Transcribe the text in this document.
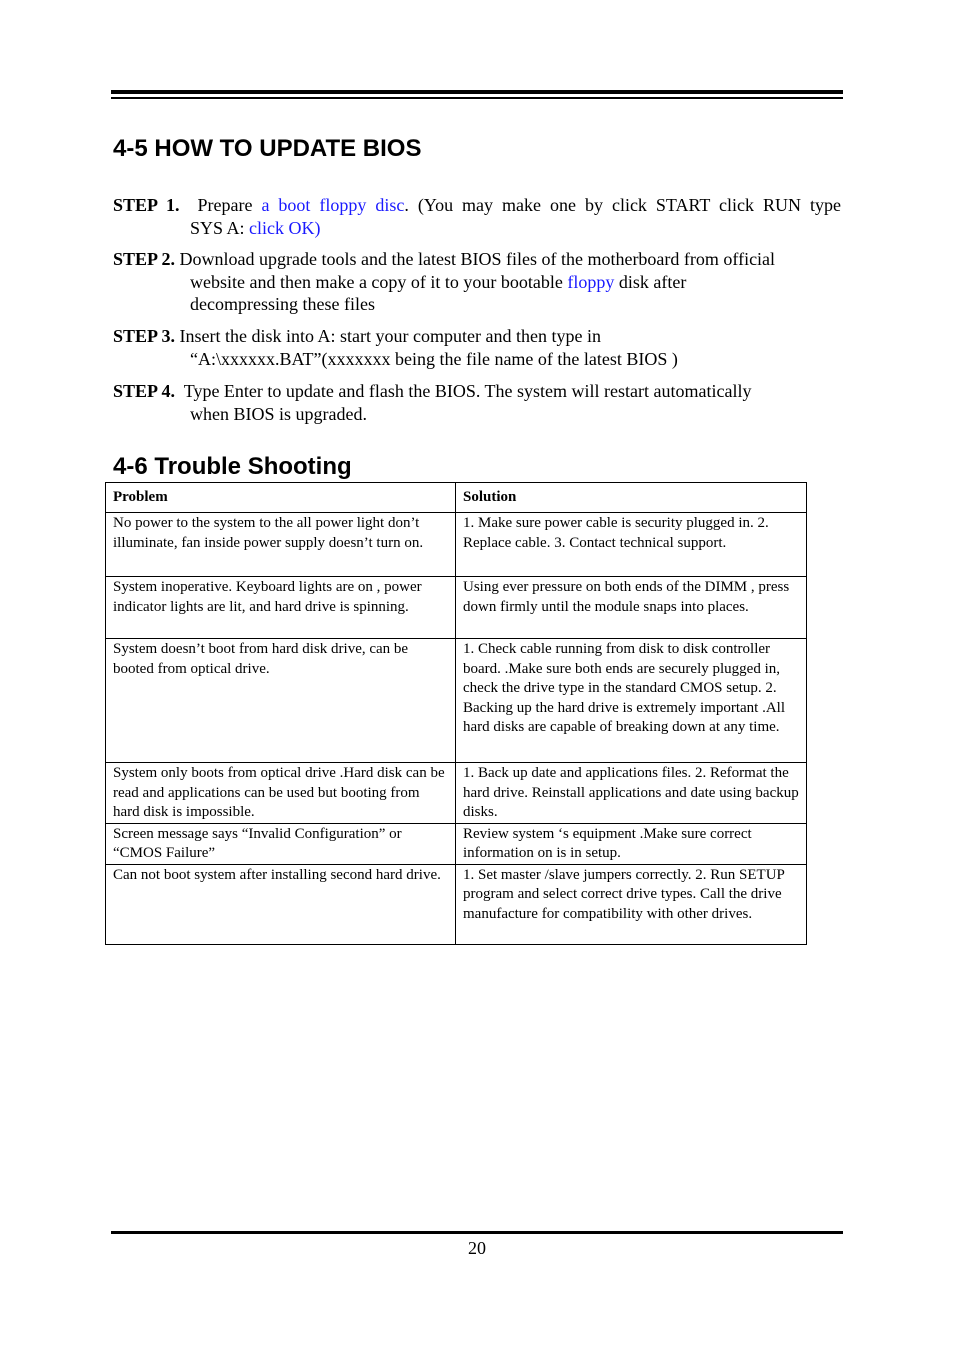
4-5 HOW TO UPDATE BIOS
STEP 1. Prepare a boot floppy disc. (You may make one by click START click RUN type
SYS A: click OK)
STEP 2. Download upgrade tools and the latest BIOS files of the motherboard from official
website and then make a copy of it to your bootable floppy disk after
decompressing these files
STEP 3. Insert the disk into A: start your computer and then type in
“A:\xxxxxx.BAT”(xxxxxxx being the file name of the latest BIOS )
STEP 4.  Type Enter to update and flash the BIOS. The system will restart automatically
when BIOS is upgraded.
4-6 Trouble Shooting
Problem	Solution
No power to the system to the all power light don’t illuminate, fan inside power supply doesn’t turn on.	1. Make sure power cable is security plugged in. 2. Replace cable. 3. Contact technical support.
System inoperative. Keyboard lights are on , power indicator lights are lit, and hard drive is spinning.	Using ever pressure on both ends of the DIMM , press down firmly until the module snaps into places.
System doesn’t boot from hard disk drive, can be booted from optical drive.	1. Check cable running from disk to disk controller board. .Make sure both ends are securely plugged in, check the drive type in the standard CMOS setup. 2. Backing up the hard drive is extremely important .All hard disks are capable of breaking down at any time.
System only boots from optical drive .Hard disk can be read and applications can be used but booting from hard disk is impossible.	1. Back up date and applications files. 2. Reformat the hard drive. Reinstall applications and date using backup disks.
Screen message says “Invalid Configuration” or “CMOS Failure”	Review system ‘s equipment .Make sure correct information on is in setup.
Can not boot system after installing second hard drive.	1. Set master /slave jumpers correctly. 2. Run SETUP program and select correct drive types. Call the drive manufacture for compatibility with other drives.
20
